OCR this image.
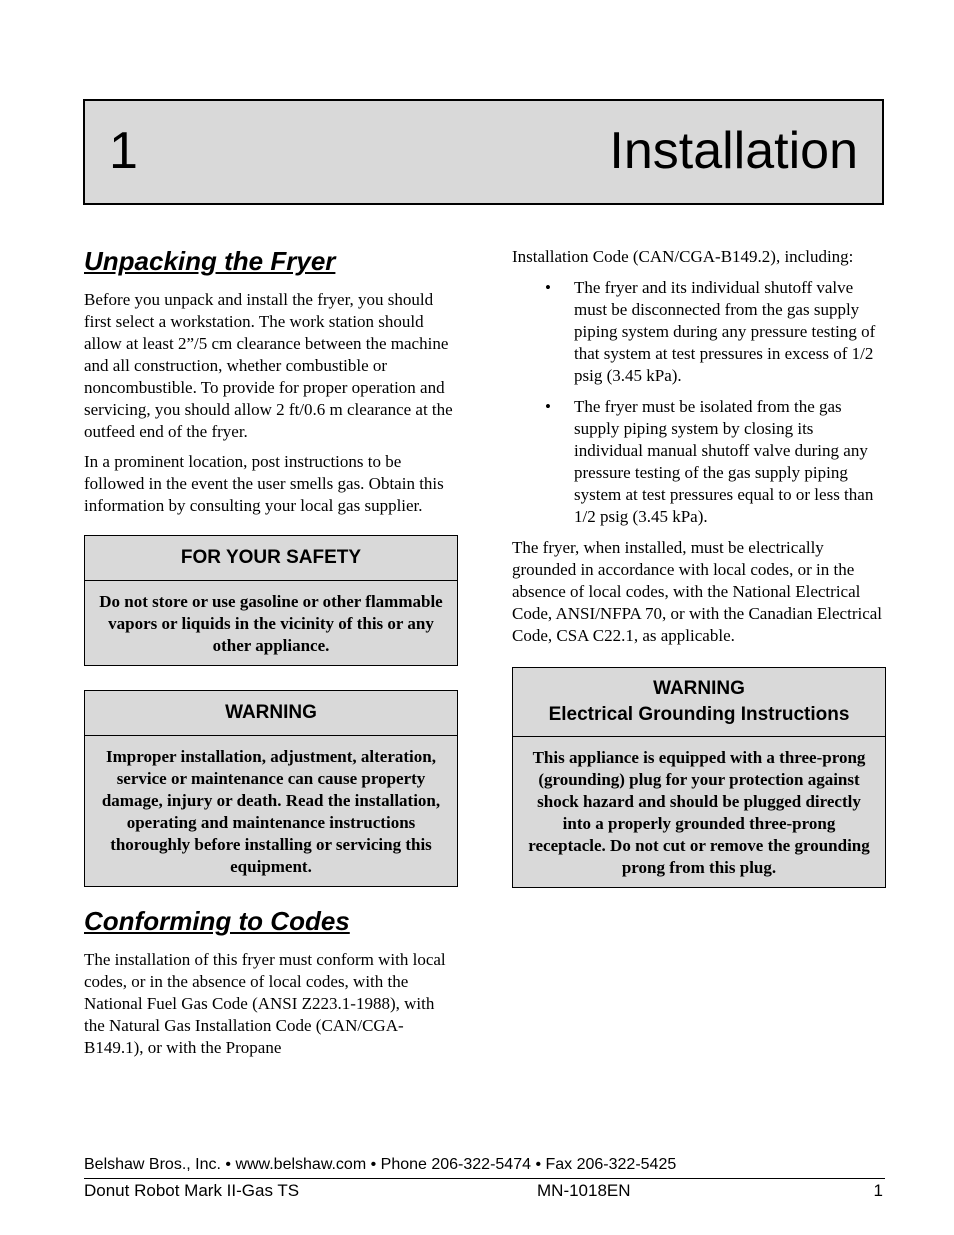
1	Installation
Unpacking the Fryer

Before you unpack and install the fryer, you should first select a workstation. The work station should allow at least 2”/5 cm clearance between the machine and all construction, whether combustible or noncombustible. To provide for proper operation and servicing, you should allow 2 ft/0.6 m clearance at the outfeed end of the fryer.

In a prominent location, post instructions to be followed in the event the user smells gas. Obtain this information by consulting your local gas supplier.

FOR YOUR SAFETY
Do not store or use gasoline or other flammable vapors or liquids in the vicinity of this or any other appliance.
WARNING
Improper installation, adjustment, alteration, service or maintenance can cause property damage, injury or death. Read the installation, operating and maintenance instructions thoroughly before installing or servicing this equipment.
Conforming to Codes

The installation of this fryer must conform with local codes, or in the absence of local codes, with the National Fuel Gas Code (ANSI Z223.1-1988), with the Natural Gas Installation Code (CAN/CGA-B149.1), or with the Propane

Installation Code (CAN/CGA-B149.2), including:

• The fryer and its individual shutoff valve must be disconnected from the gas supply piping system during any pressure testing of that system at test pressures in excess of 1/2 psig (3.45 kPa).
• The fryer must be isolated from the gas supply piping system by closing its individual manual shutoff valve during any pressure testing of the gas supply piping system at test pressures equal to or less than 1/2 psig (3.45 kPa).

The fryer, when installed, must be electrically grounded in accordance with local codes, or in the absence of local codes, with the National Electrical Code, ANSI/NFPA 70, or with the Canadian Electrical Code, CSA C22.1, as applicable.

WARNING
Electrical Grounding Instructions
This appliance is equipped with a three-prong (grounding) plug for your protection against shock hazard and should be plugged directly into a properly grounded three-prong receptacle. Do not cut or remove the grounding prong from this plug.
Belshaw Bros., Inc. • www.belshaw.com • Phone 206-322-5474 • Fax 206-322-5425
Donut Robot Mark II-Gas TS	MN-1018EN	1
